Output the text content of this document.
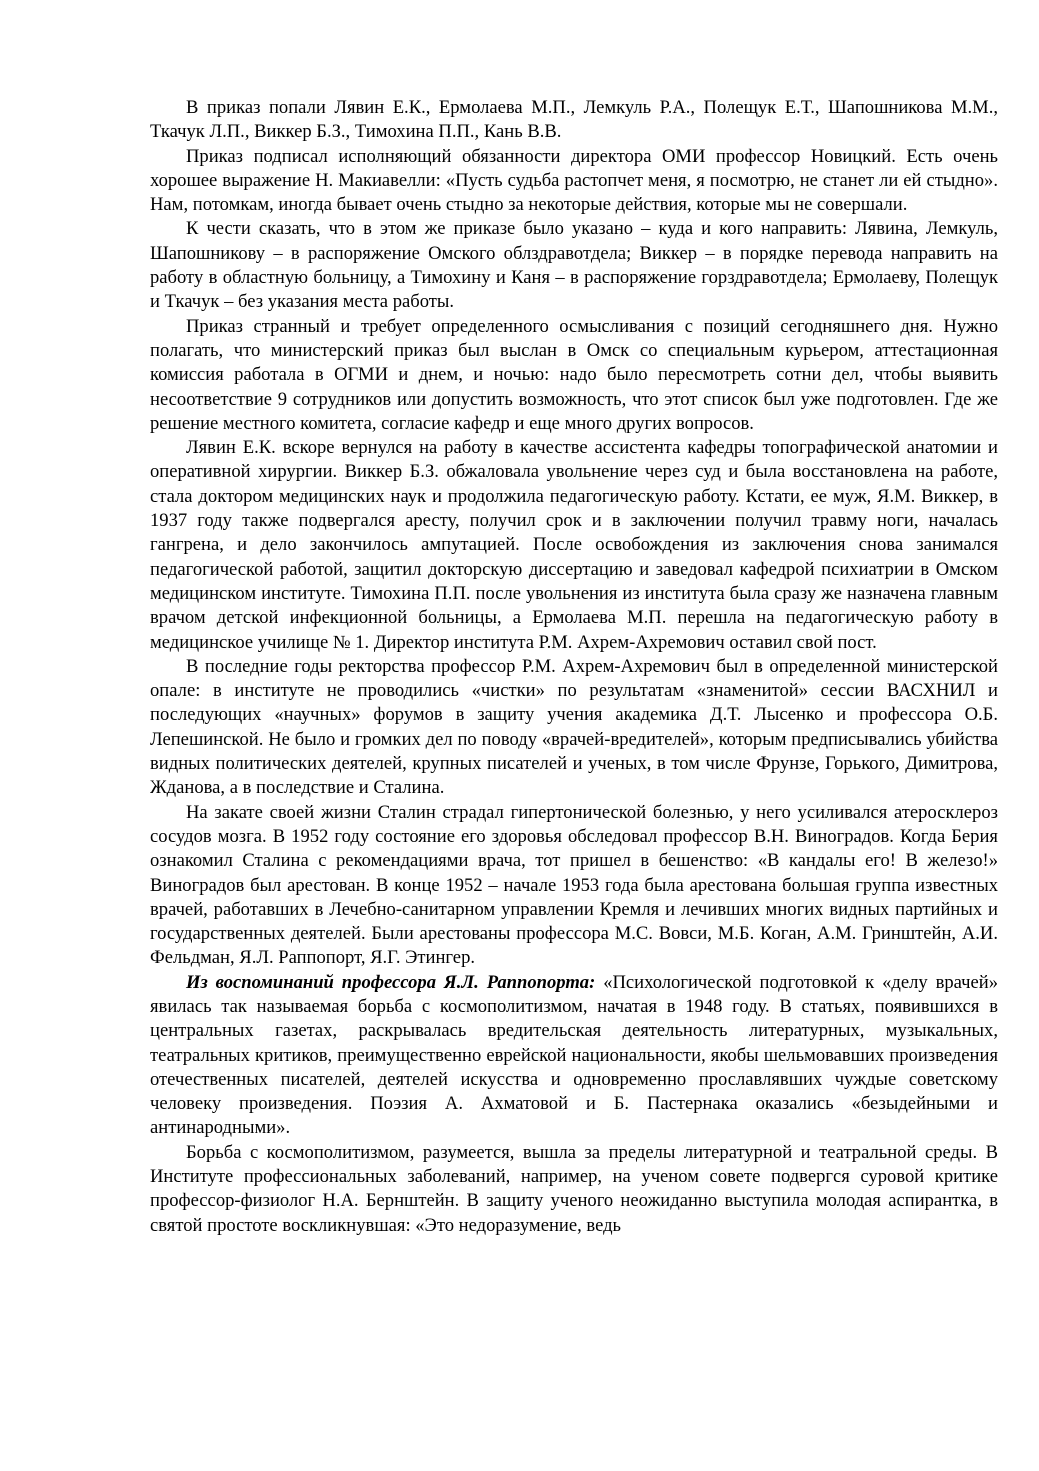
В приказ попали Лявин Е.К., Ермолаева М.П., Лемкуль Р.А., Полещук Е.Т., Шапошникова М.М., Ткачук Л.П., Виккер Б.З., Тимохина П.П., Кань В.В.

Приказ подписал исполняющий обязанности директора ОМИ профессор Новицкий. Есть очень хорошее выражение Н. Макиавелли: «Пусть судьба растопчет меня, я посмотрю, не станет ли ей стыдно». Нам, потомкам, иногда бывает очень стыдно за некоторые действия, которые мы не совершали.

К чести сказать, что в этом же приказе было указано – куда и кого направить: Лявина, Лемкуль, Шапошникову – в распоряжение Омского облздравотдела; Виккер – в порядке перевода направить на работу в областную больницу, а Тимохину и Каня – в распоряжение горздравотдела; Ермолаеву, Полещук и Ткачук – без указания места работы.

Приказ странный и требует определенного осмысливания с позиций сегодняшнего дня. Нужно полагать, что министерский приказ был выслан в Омск со специальным курьером, аттестационная комиссия работала в ОГМИ и днем, и ночью: надо было пересмотреть сотни дел, чтобы выявить несоответствие 9 сотрудников или допустить возможность, что этот список был уже подготовлен. Где же решение местного комитета, согласие кафедр и еще много других вопросов.

Лявин Е.К. вскоре вернулся на работу в качестве ассистента кафедры топографической анатомии и оперативной хирургии. Виккер Б.З. обжаловала увольнение через суд и была восстановлена на работе, стала доктором медицинских наук и продолжила педагогическую работу. Кстати, ее муж, Я.М. Виккер, в 1937 году также подвергался аресту, получил срок и в заключении получил травму ноги, началась гангрена, и дело закончилось ампутацией. После освобождения из заключения снова занимался педагогической работой, защитил докторскую диссертацию и заведовал кафедрой психиатрии в Омском медицинском институте. Тимохина П.П. после увольнения из института была сразу же назначена главным врачом детской инфекционной больницы, а Ермолаева М.П. перешла на педагогическую работу в медицинское училище № 1. Директор института Р.М. Ахрем-Ахремович оставил свой пост.

В последние годы ректорства профессор Р.М. Ахрем-Ахремович был в определенной министерской опале: в институте не проводились «чистки» по результатам «знаменитой» сессии ВАСХНИЛ и последующих «научных» форумов в защиту учения академика Д.Т. Лысенко и профессора О.Б. Лепешинской. Не было и громких дел по поводу «врачей-вредителей», которым предписывались убийства видных политических деятелей, крупных писателей и ученых, в том числе Фрунзе, Горького, Димитрова, Жданова, а в последствие и Сталина.

На закате своей жизни Сталин страдал гипертонической болезнью, у него усиливался атеросклероз сосудов мозга. В 1952 году состояние его здоровья обследовал профессор В.Н. Виноградов. Когда Берия ознакомил Сталина с рекомендациями врача, тот пришел в бешенство: «В кандалы его! В железо!» Виноградов был арестован. В конце 1952 – начале 1953 года была арестована большая группа известных врачей, работавших в Лечебно-санитарном управлении Кремля и лечивших многих видных партийных и государственных деятелей. Были арестованы профессора М.С. Вовси, М.Б. Коган, А.М. Гринштейн, А.И. Фельдман, Я.Л. Раппопорт, Я.Г. Этингер.

Из воспоминаний профессора Я.Л. Раппопорта: «Психологической подготовкой к «делу врачей» явилась так называемая борьба с космополитизмом, начатая в 1948 году. В статьях, появившихся в центральных газетах, раскрывалась вредительская деятельность литературных, музыкальных, театральных критиков, преимущественно еврейской национальности, якобы шельмовавших произведения отечественных писателей, деятелей искусства и одновременно прославлявших чуждые советскому человеку произведения. Поэзия А. Ахматовой и Б. Пастернака оказались «безыдейными и антинародными».

Борьба с космополитизмом, разумеется, вышла за пределы литературной и театральной среды. В Институте профессиональных заболеваний, например, на ученом совете подвергся суровой критике профессор-физиолог Н.А. Бернштейн. В защиту ученого неожиданно выступила молодая аспирантка, в святой простоте воскликнувшая: «Это недоразумение, ведь
